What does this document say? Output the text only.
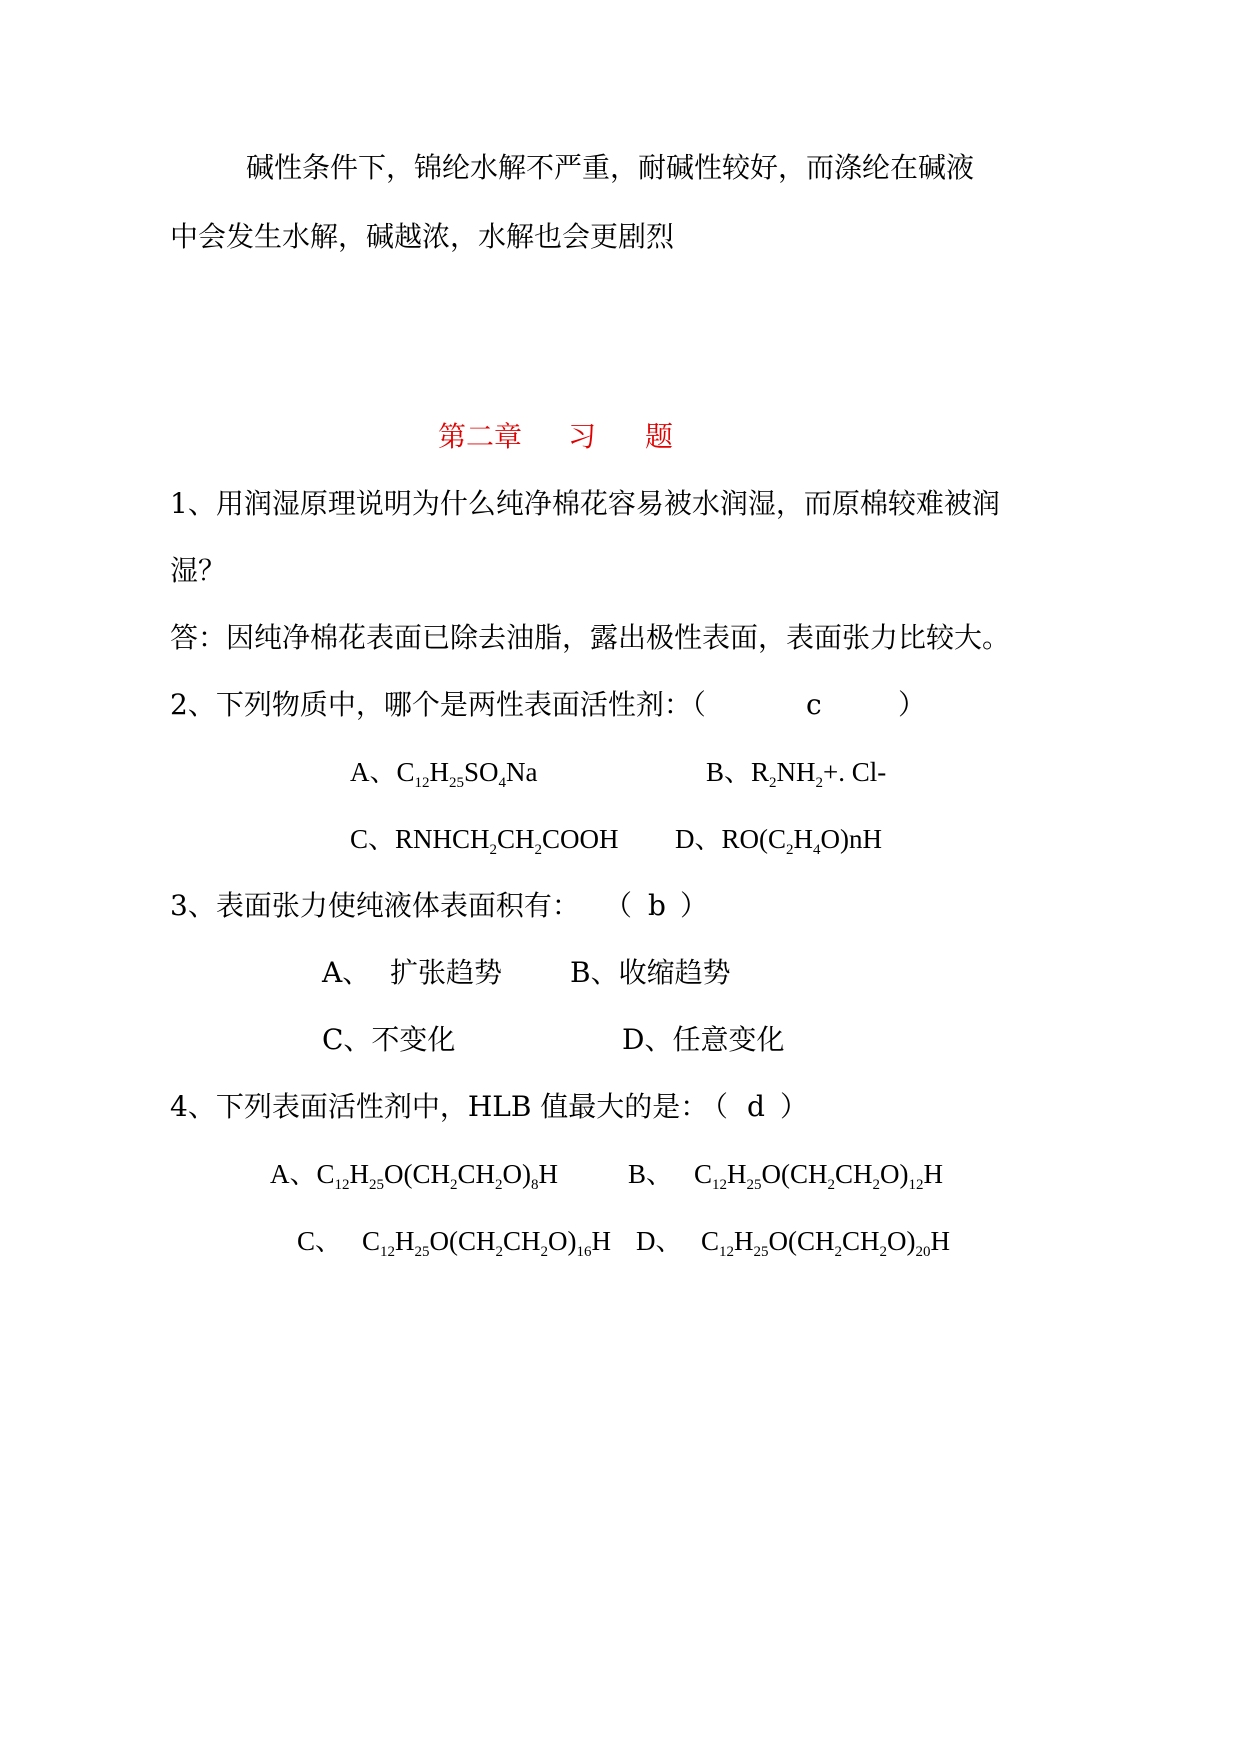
碱性条件下，锦纶水解不严重，耐碱性较好，而涤纶在碱液
中会发生水解，碱越浓，水解也会更剧烈
第二章 习 题
1、用润湿原理说明为什么纯净棉花容易被水润湿，而原棉较难被润
湿？
答：因纯净棉花表面已除去油脂，露出极性表面，表面张力比较大。
2、下列物质中，哪个是两性表面活性剂：（	c	）
A、$C_{12}H_{25}SO_4Na$	B、$R_2NH_2+$. Cl-
C、$RNHCH_2CH_2COOH$ D、$RO(C_2H_4O)nH$
3、表面张力使纯液体表面积有： （ b ）
A、 扩张趋势 B、收缩趋势
C、不变化	D、任意变化
4、下列表面活性剂中，HLB 值最大的是：
（ d ）
A、$C_{12}H_{25}O(CH_2CH_2O)_8H$	B、 $C_{12}H_{25}O(CH_2CH_2O)_{12}H$
C、 $C_{12}H_{25}O(CH_2CH_2O)_{16}H$ D、 $C_{12}H_{25}O(CH_2CH_2O)_{20}H$
